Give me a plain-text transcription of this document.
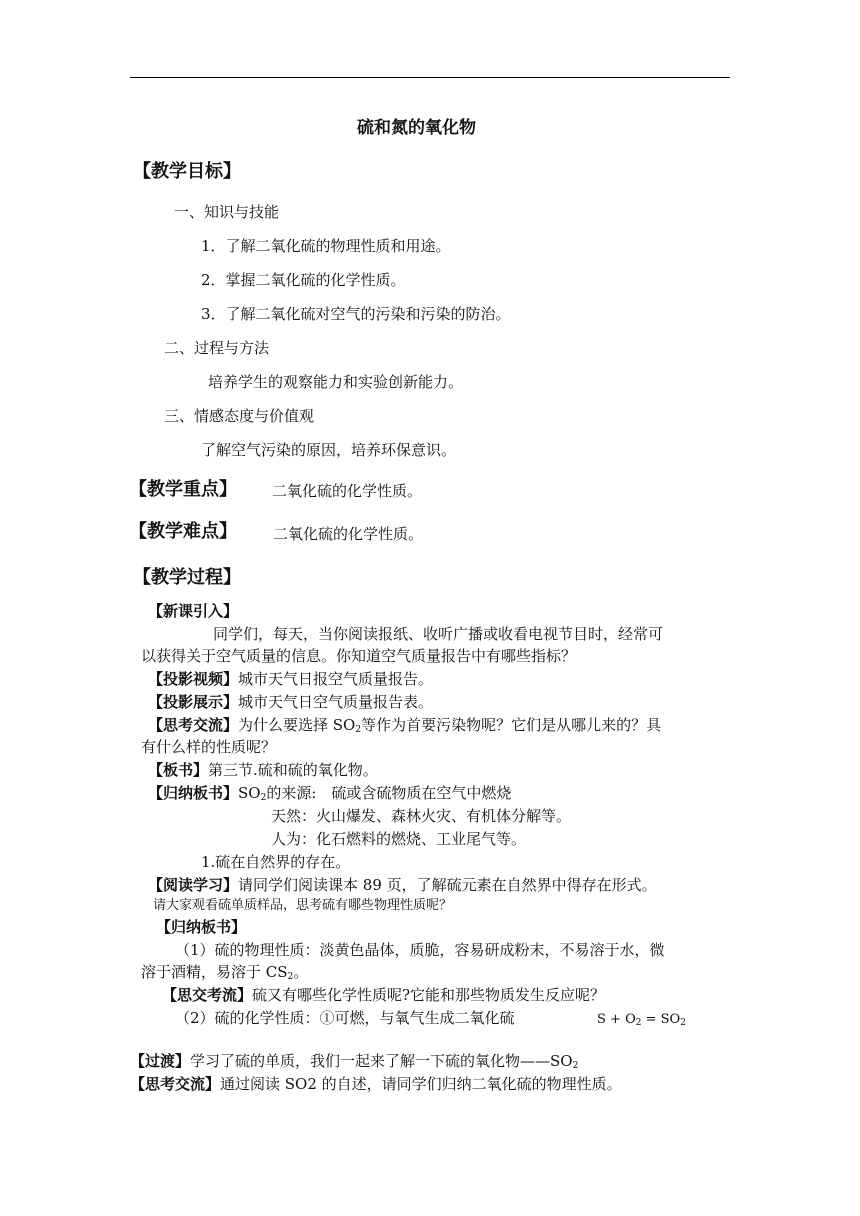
硫和氮的氧化物
【教学目标】
一、知识与技能
1．了解二氧化硫的物理性质和用途。
2．掌握二氧化硫的化学性质。
3．了解二氧化硫对空气的污染和污染的防治。
二、过程与方法
培养学生的观察能力和实验创新能力。
三、情感态度与价值观
了解空气污染的原因，培养环保意识。
【教学重点】 二氧化硫的化学性质。
【教学难点】 二氧化硫的化学性质。
【教学过程】
【新课引入】
同学们，每天，当你阅读报纸、收听广播或收看电视节目时，经常可
以获得关于空气质量的信息。你知道空气质量报告中有哪些指标？
【投影视频】城市天气日报空气质量报告。
【投影展示】城市天气日空气质量报告表。
【思考交流】为什么要选择 $SO_2$等作为首要污染物呢？它们是从哪儿来的？具
有什么样的性质呢？
【板书】第三节.硫和硫的氧化物。
【归纳板书】$SO_2$的来源:　硫或含硫物质在空气中燃烧
天然：火山爆发、森林火灾、有机体分解等。
人为：化石燃料的燃烧、工业尾气等。
1.硫在自然界的存在。
【阅读学习】请同学们阅读课本 89 页，了解硫元素在自然界中得存在形式。
请大家观看硫单质样品，思考硫有哪些物理性质呢？
【归纳板书】
（1）硫的物理性质：淡黄色晶体，质脆，容易研成粉末，不易溶于水，微
溶于酒精，易溶于 $CS_2$。
【思交考流】硫又有哪些化学性质呢?它能和那些物质发生反应呢？
（2）硫的化学性质：①可燃，与氧气生成二氧化硫	$S + O_2 = SO_2$
【过渡】学习了硫的单质，我们一起来了解一下硫的氧化物$——SO_2$
【思考交流】通过阅读 SO2 的自述，请同学们归纳二氧化硫的物理性质。
